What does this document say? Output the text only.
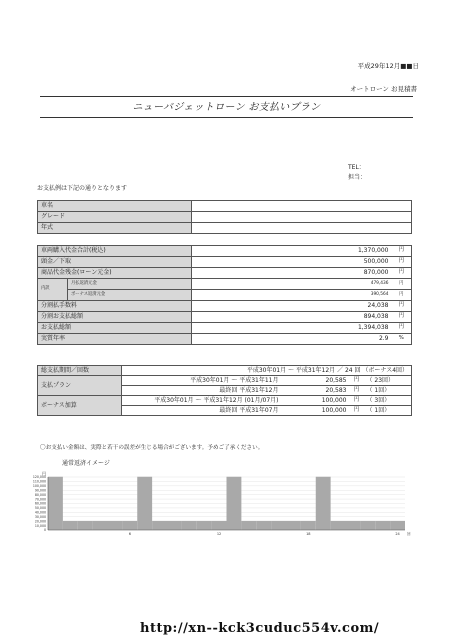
平成29年12月■■日
オートローン お見積書
ニューバジェットローン お支払いプラン
TEL：
担当：
お支払例は下記の通りとなります
車名	
グレード	
年式	
車両購入代金合計(税込)		1,370,000	円
頭金／下取		500,000	円
商品代金残金(ローン元金)		870,000	円
内訳	月払返済元金	479,436	円
	ボーナス返済元金	390,564	円
分割払手数料		24,038	円
分割お支払総額		894,038	円
お支払総額		1,394,038	円
実質年率		2.9	%
総支払期間／回数	平成30年01月 〜 平成31年12月 ／ 24 回 （ボーナス4回）			
支払プラン	平成30年01月 〜 平成31年11月	20,585	円	（ 23回）
	最終回 平成31年12月	20,583	円	（ 1回）
ボーナス加算	平成30年01月 〜 平成31年12月 (01月/07月)	100,000	円	（ 3回）
	最終回 平成31年07月	100,000	円	（ 1回）
〇お支払い金額は、実際と若干の誤差が生じる場合がございます。予めご了承ください。
通常返済イメージ
円
120,000
110,000
100,000
90,000
80,000
70,000
60,000
50,000
40,000
30,000
20,000
10,000
0
6	12	18	24 回
http://xn--kck3cuduc554v.com/
